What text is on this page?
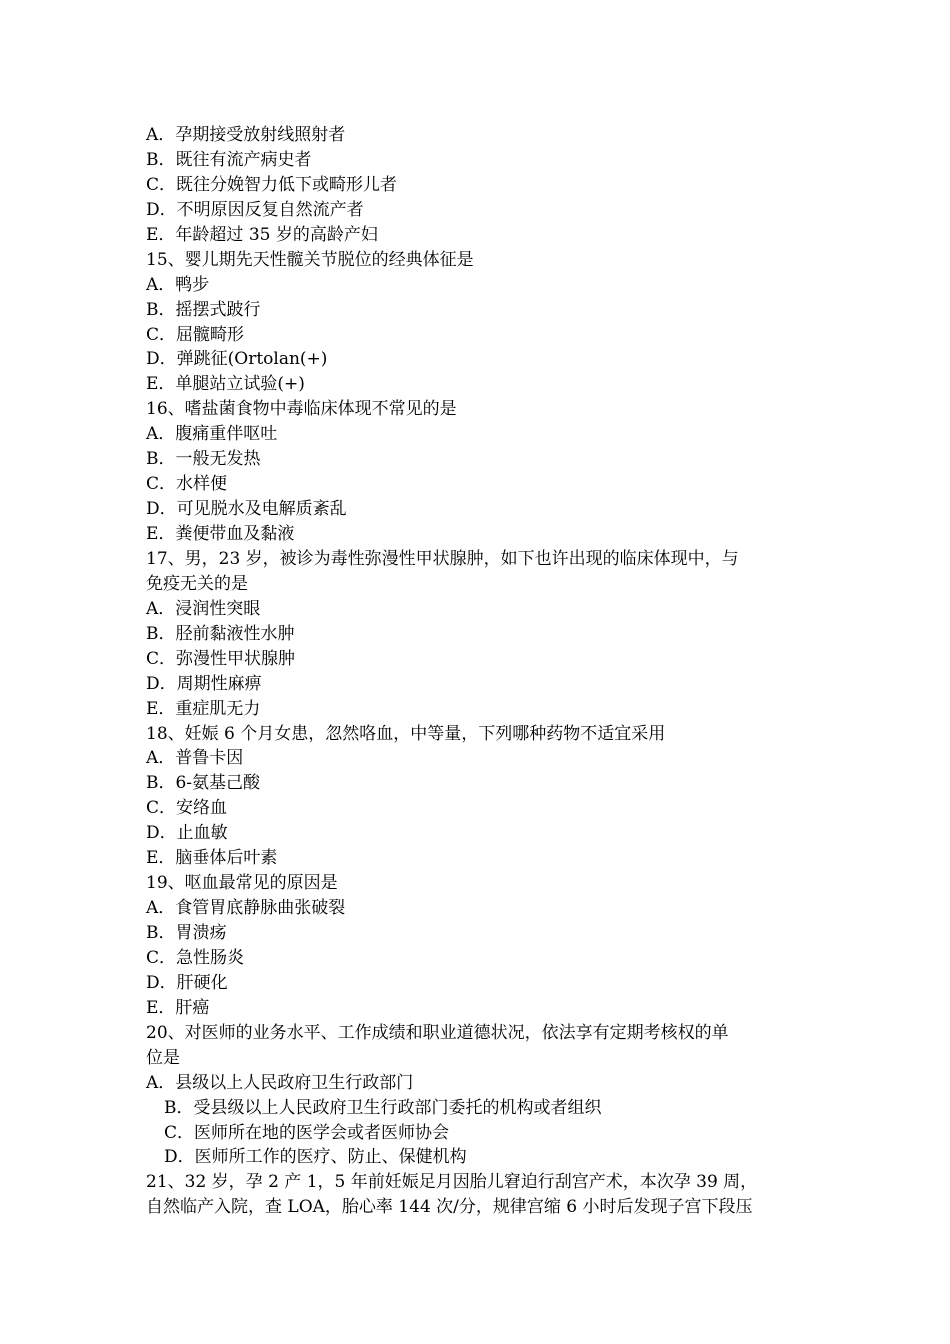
A．孕期接受放射线照射者
B．既往有流产病史者
C．既往分娩智力低下或畸形儿者
D．不明原因反复自然流产者
E．年龄超过 35 岁的高龄产妇
15、婴儿期先天性髋关节脱位的经典体征是
A．鸭步
B．摇摆式跛行
C．屈髋畸形
D．弹跳征(Ortolan(+)
E．单腿站立试验(+)
16、嗜盐菌食物中毒临床体现不常见的是
A．腹痛重伴呕吐
B．一般无发热
C．水样便
D．可见脱水及电解质紊乱
E．粪便带血及黏液
17、男，23 岁，被诊为毒性弥漫性甲状腺肿，如下也许出现的临床体现中，与
免疫无关的是
A．浸润性突眼
B．胫前黏液性水肿
C．弥漫性甲状腺肿
D．周期性麻痹
E．重症肌无力
18、妊娠 6 个月女患，忽然咯血，中等量，下列哪种药物不适宜采用
A．普鲁卡因
B．6-氨基己酸
C．安络血
D．止血敏
E．脑垂体后叶素
19、呕血最常见的原因是
A．食管胃底静脉曲张破裂
B．胃溃疡
C．急性肠炎
D．肝硬化
E．肝癌
20、对医师的业务水平、工作成绩和职业道德状况，依法享有定期考核权的单
位是
A．县级以上人民政府卫生行政部门
B．受县级以上人民政府卫生行政部门委托的机构或者组织
C．医师所在地的医学会或者医师协会
D．医师所工作的医疗、防止、保健机构
21、32 岁，孕 2 产 1，5 年前妊娠足月因胎儿窘迫行刮宫产术，本次孕 39 周，
自然临产入院，查 LOA，胎心率 144 次/分，规律宫缩 6 小时后发现子宫下段压
